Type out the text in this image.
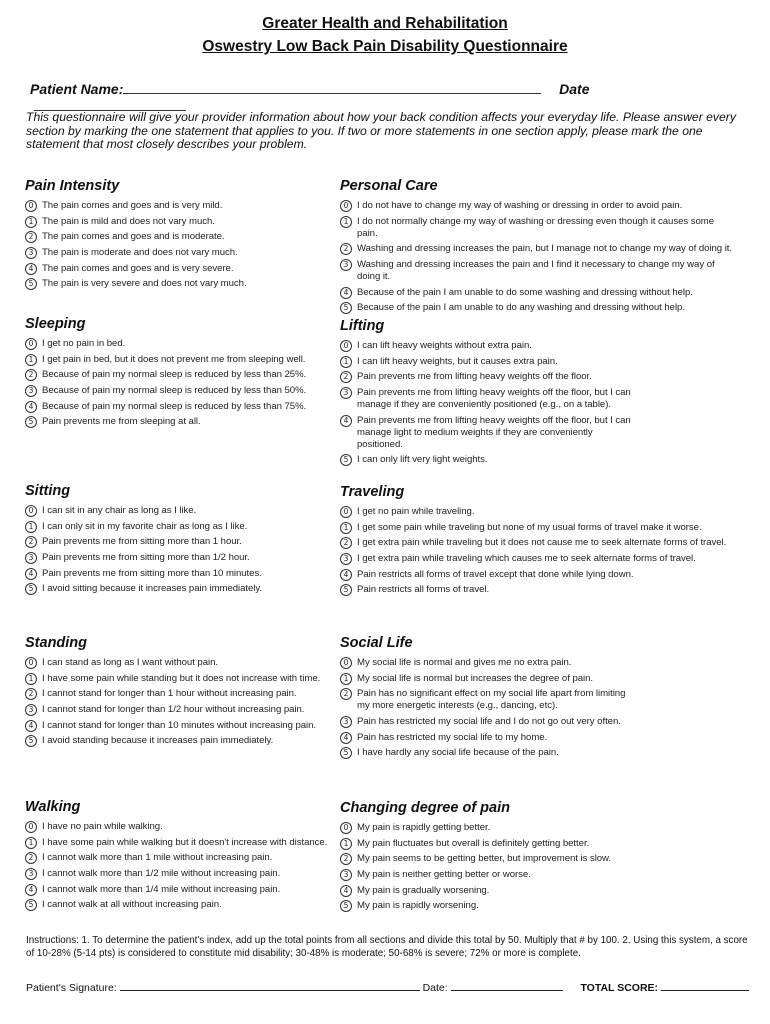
Greater Health and Rehabilitation
Oswestry Low Back Pain Disability Questionnaire
Patient Name:	Date
This questionnaire will give your provider information about how your back condition affects your everyday life. Please answer every section by marking the one statement that applies to you. If two or more statements in one section apply, please mark the one statement that most closely describes your problem.
Pain Intensity
0 The pain comes and goes and is very mild.
1 The pain is mild and does not vary much.
2 The pain comes and goes and is moderate.
3 The pain is moderate and does not vary much.
4 The pain comes and goes and is very severe.
5 The pain is very severe and does not vary much.
Personal Care
0 I do not have to change my way of washing or dressing in order to avoid pain.
1 I do not normally change my way of washing or dressing even though it causes some pain.
2 Washing and dressing increases the pain, but I manage not to change my way of doing it.
3 Washing and dressing increases the pain and I find it necessary to change my way of doing it.
4 Because of the pain I am unable to do some washing and dressing without help.
5 Because of the pain I am unable to do any washing and dressing without help.
Sleeping
0 I get no pain in bed.
1 I get pain in bed, but it does not prevent me from sleeping well.
2 Because of pain my normal sleep is reduced by less than 25%.
3 Because of pain my normal sleep is reduced by less than 50%.
4 Because of pain my normal sleep is reduced by less than 75%.
5 Pain prevents me from sleeping at all.
Lifting
0 I can lift heavy weights without extra pain.
1 I can lift heavy weights, but it causes extra pain.
2 Pain prevents me from lifting heavy weights off the floor.
3 Pain prevents me from lifting heavy weights off the floor, but I can manage if they are conveniently positioned (e.g., on a table).
4 Pain prevents me from lifting heavy weights off the floor, but I can manage light to medium weights if they are conveniently positioned.
5 I can only lift very light weights.
Sitting
0 I can sit in any chair as long as I like.
1 I can only sit in my favorite chair as long as I like.
2 Pain prevents me from sitting more than 1 hour.
3 Pain prevents me from sitting more than 1/2 hour.
4 Pain prevents me from sitting more than 10 minutes.
5 I avoid sitting because it increases pain immediately.
Traveling
0 I get no pain while traveling.
1 I get some pain while traveling but none of my usual forms of travel make it worse.
2 I get extra pain while traveling but it does not cause me to seek alternate forms of travel.
3 I get extra pain while traveling which causes me to seek alternate forms of travel.
4 Pain restricts all forms of travel except that done while lying down.
5 Pain restricts all forms of travel.
Standing
0 I can stand as long as I want without pain.
1 I have some pain while standing but it does not increase with time.
2 I cannot stand for longer than 1 hour without increasing pain.
3 I cannot stand for longer than 1/2 hour without increasing pain.
4 I cannot stand for longer than 10 minutes without increasing pain.
5 I avoid standing because it increases pain immediately.
Social Life
0 My social life is normal and gives me no extra pain.
1 My social life is normal but increases the degree of pain.
2 Pain has no significant effect on my social life apart from limiting my more energetic interests (e.g., dancing, etc).
3 Pain has restricted my social life and I do not go out very often.
4 Pain has restricted my social life to my home.
5 I have hardly any social life because of the pain.
Walking
0 I have no pain while walking.
1 I have some pain while walking but it doesn't increase with distance.
2 I cannot walk more than 1 mile without increasing pain.
3 I cannot walk more than 1/2 mile without increasing pain.
4 I cannot walk more than 1/4 mile without increasing pain.
5 I cannot walk at all without increasing pain.
Changing degree of pain
0 My pain is rapidly getting better.
1 My pain fluctuates but overall is definitely getting better.
2 My pain seems to be getting better, but improvement is slow.
3 My pain is neither getting better or worse.
4 My pain is gradually worsening.
5 My pain is rapidly worsening.
Instructions: 1. To determine the patient's index, add up the total points from all sections and divide this total by 50. Multiply that # by 100. 2. Using this system, a score of 10-28% (5-14 pts) is considered to constitute mid disability; 30-48% is moderate; 50-68% is severe; 72% or more is complete.
Patient's Signature:	Date:	TOTAL SCORE:
